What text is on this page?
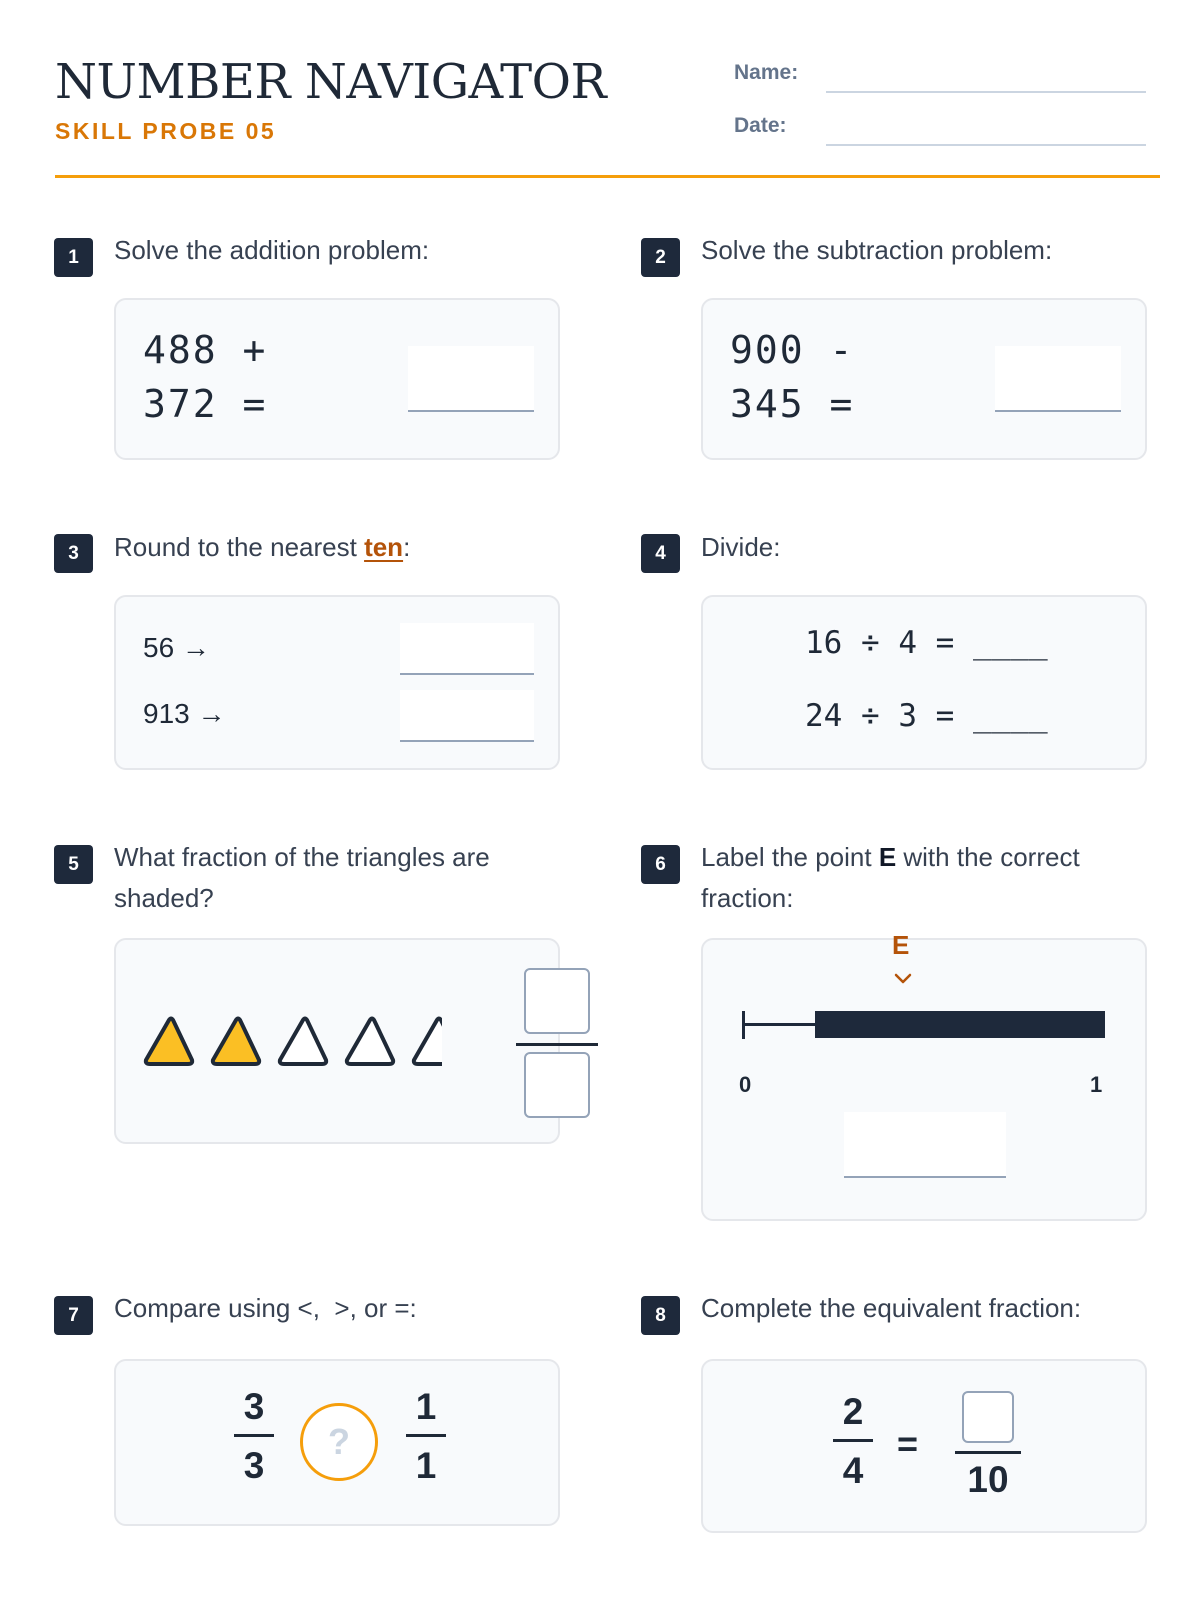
NUMBER NAVIGATOR
SKILL PROBE 05
Name:
Date:
1	Solve the addition problem:
488 +
372 =
2	Solve the subtraction problem:
900 -
345 =
3	Round to the nearest ten:
56 →
913 →
4	Divide:
16 ÷ 4 = ____
24 ÷ 3 = ____
5	What fraction of the triangles are shaded?
6	Label the point E with the correct fraction:
0	1
E
7	Compare using <,  >, or =:
3
3
?
1
1
8	Complete the equivalent fraction:
2
4
=
10
